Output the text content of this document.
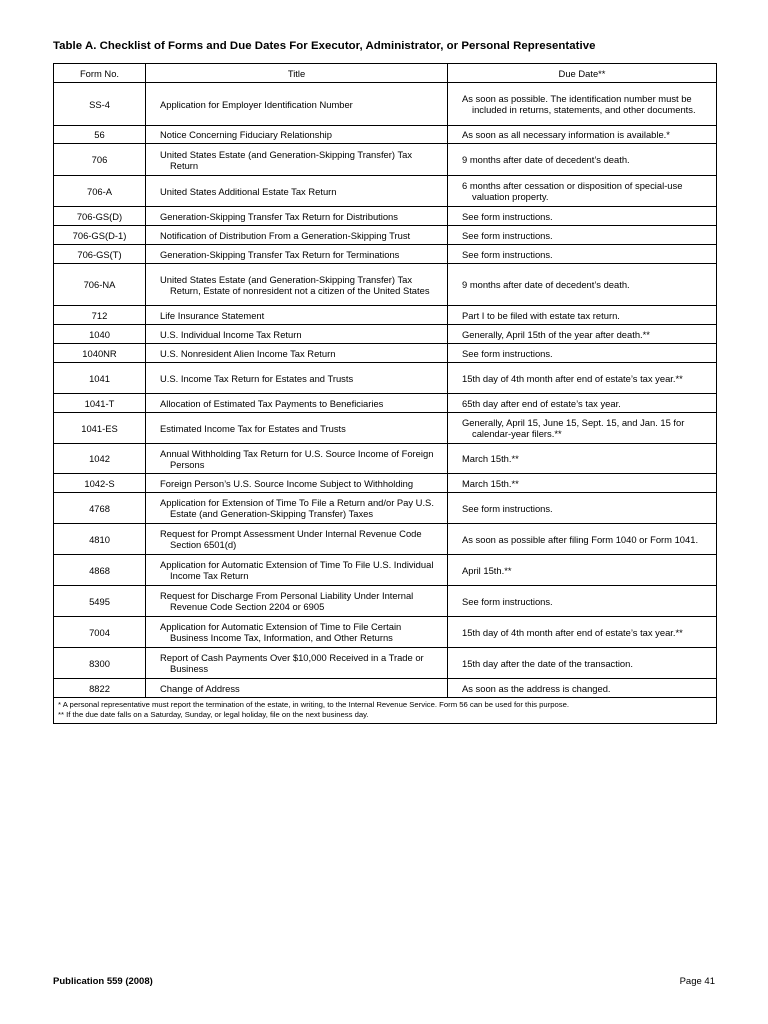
Table A. Checklist of Forms and Due Dates For Executor, Administrator, or Personal Representative
Form No.	Title	Due Date**
SS-4	Application for Employer Identification Number	As soon as possible. The identification number must be included in returns, statements, and other documents.

56	Notice Concerning Fiduciary Relationship	As soon as all necessary information is available.*

706	United States Estate (and Generation-Skipping Transfer) Tax Return	9 months after date of decedent’s death.

706-A	United States Additional Estate Tax Return	6 months after cessation or disposition of special-use valuation property.

706-GS(D)	Generation-Skipping Transfer Tax Return for Distributions	See form instructions.

706-GS(D-1)	Notification of Distribution From a Generation-Skipping Trust	See form instructions.

706-GS(T)	Generation-Skipping Transfer Tax Return for Terminations	See form instructions.

706-NA	United States Estate (and Generation-Skipping Transfer) Tax Return, Estate of nonresident not a citizen of the United States	9 months after date of decedent’s death.

712	Life Insurance Statement	Part I to be filed with estate tax return.

1040	U.S. Individual Income Tax Return	Generally, April 15th of the year after death.**

1040NR	U.S. Nonresident Alien Income Tax Return	See form instructions.

1041	U.S. Income Tax Return for Estates and Trusts	15th day of 4th month after end of estate’s tax year.**

1041-T	Allocation of Estimated Tax Payments to Beneficiaries	65th day after end of estate’s tax year.

1041-ES	Estimated Income Tax for Estates and Trusts	Generally, April 15, June 15, Sept. 15, and Jan. 15 for calendar-year filers.**

1042	Annual Withholding Tax Return for U.S. Source Income of Foreign Persons	March 15th.**

1042-S	Foreign Person’s U.S. Source Income Subject to Withholding	March 15th.**

4768	Application for Extension of Time To File a Return and/or Pay U.S. Estate (and Generation-Skipping Transfer) Taxes	See form instructions.

4810	Request for Prompt Assessment Under Internal Revenue Code Section 6501(d)	As soon as possible after filing Form 1040 or Form 1041.

4868	Application for Automatic Extension of Time To File U.S. Individual Income Tax Return	April 15th.**

5495	Request for Discharge From Personal Liability Under Internal Revenue Code Section 2204 or 6905	See form instructions.

7004	Application for Automatic Extension of Time to File Certain Business Income Tax, Information, and Other Returns	15th day of 4th month after end of estate’s tax year.**

8300	Report of Cash Payments Over $10,000 Received in a Trade or Business	15th day after the date of the transaction.

8822	Change of Address	As soon as the address is changed.

* A personal representative must report the termination of the estate, in writing, to the Internal Revenue Service. Form 56 can be used for this purpose.
** If the due date falls on a Saturday, Sunday, or legal holiday, file on the next business day.		
Publication 559 (2008)	Page 41
